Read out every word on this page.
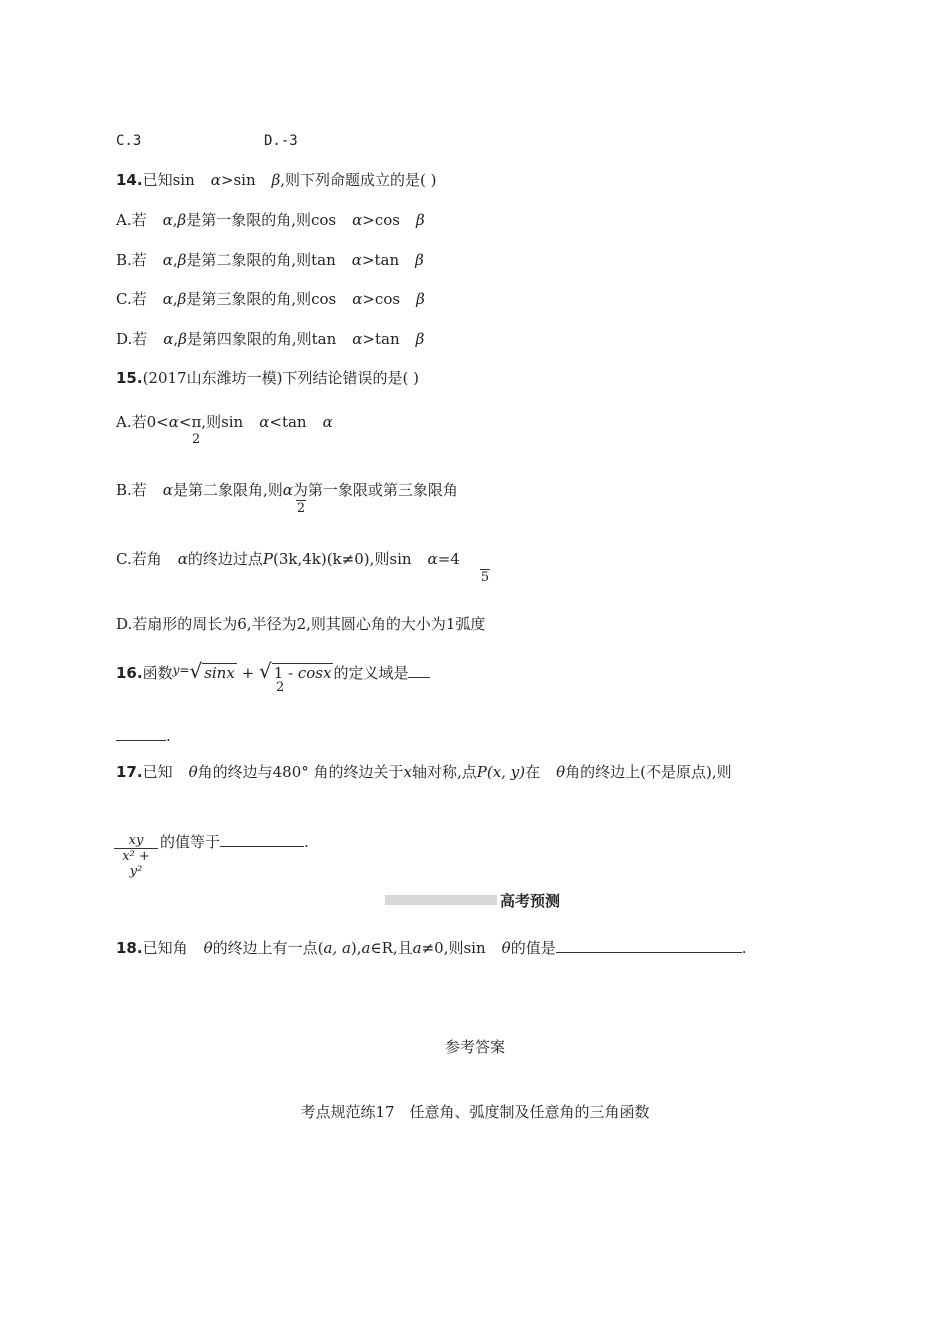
C.3	D.-3
14.已知sin α>sin β,则下列命题成立的是( )
A.若 α,β是第一象限的角,则cos α>cos β
B.若 α,β是第二象限的角,则tan α>tan β
C.若 α,β是第三象限的角,则cos α>cos β
D.若 α,β是第四象限的角,则tan α>tan β
15.(2017山东潍坊一模)下列结论错误的是( )
A.若0<α<π,则sin α<tan α
2
B.若 α是第二象限角,则α为第一象限或第三象限角
2
C.若角 α的终边过点P(3k,4k)(k≠0),则sin α=4
5
D.若扇形的周长为6,半径为2,则其圆心角的大小为1弧度
16.函数$^{y=}$√ sinx + √ 1 - cosx 的定义域是
2
.
17.已知 θ角的终边与480° 角的终边关于x轴对称,点P(x, y)在 θ角的终边上(不是原点),则
$\frac{xy}{\text{x² + y²}}$ 的值等于	.
高考预测
18.已知角 θ的终边上有一点(a, a),a∈R,且a≠0,则sin θ的值是	.
参考答案
考点规范练17　任意角、弧度制及任意角的三角函数
